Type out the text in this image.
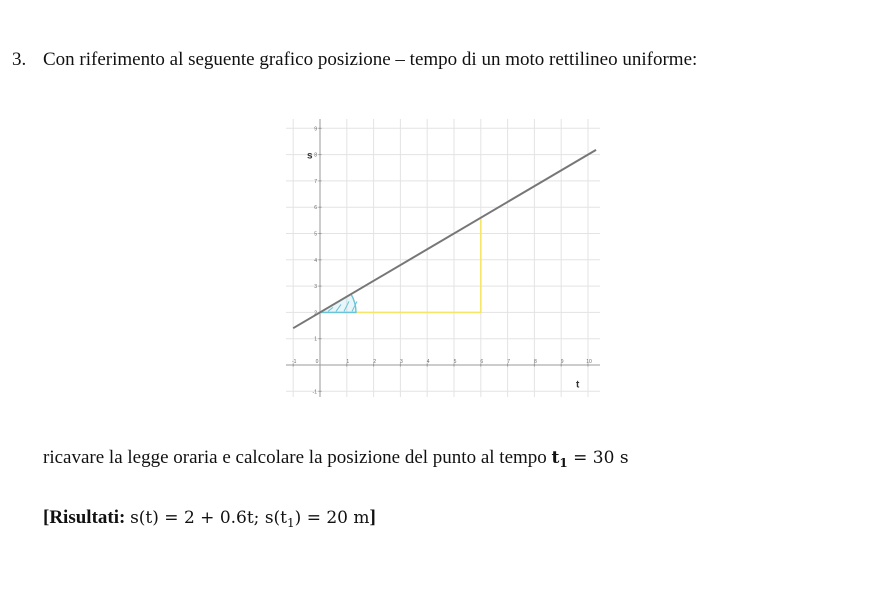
3. Con riferimento al seguente grafico posizione – tempo di un moto rettilineo uniforme:
-1	0	1	2	3	4	5	6	7	8	9	10
-1
1
2
3
4
5
6
7
8
9
s
t
ricavare la legge oraria e calcolare la posizione del punto al tempo $t_1 = 30$ s
[Risultati: s(t) = 2 + 0.6t; $s(t_1) = 20$ m]
